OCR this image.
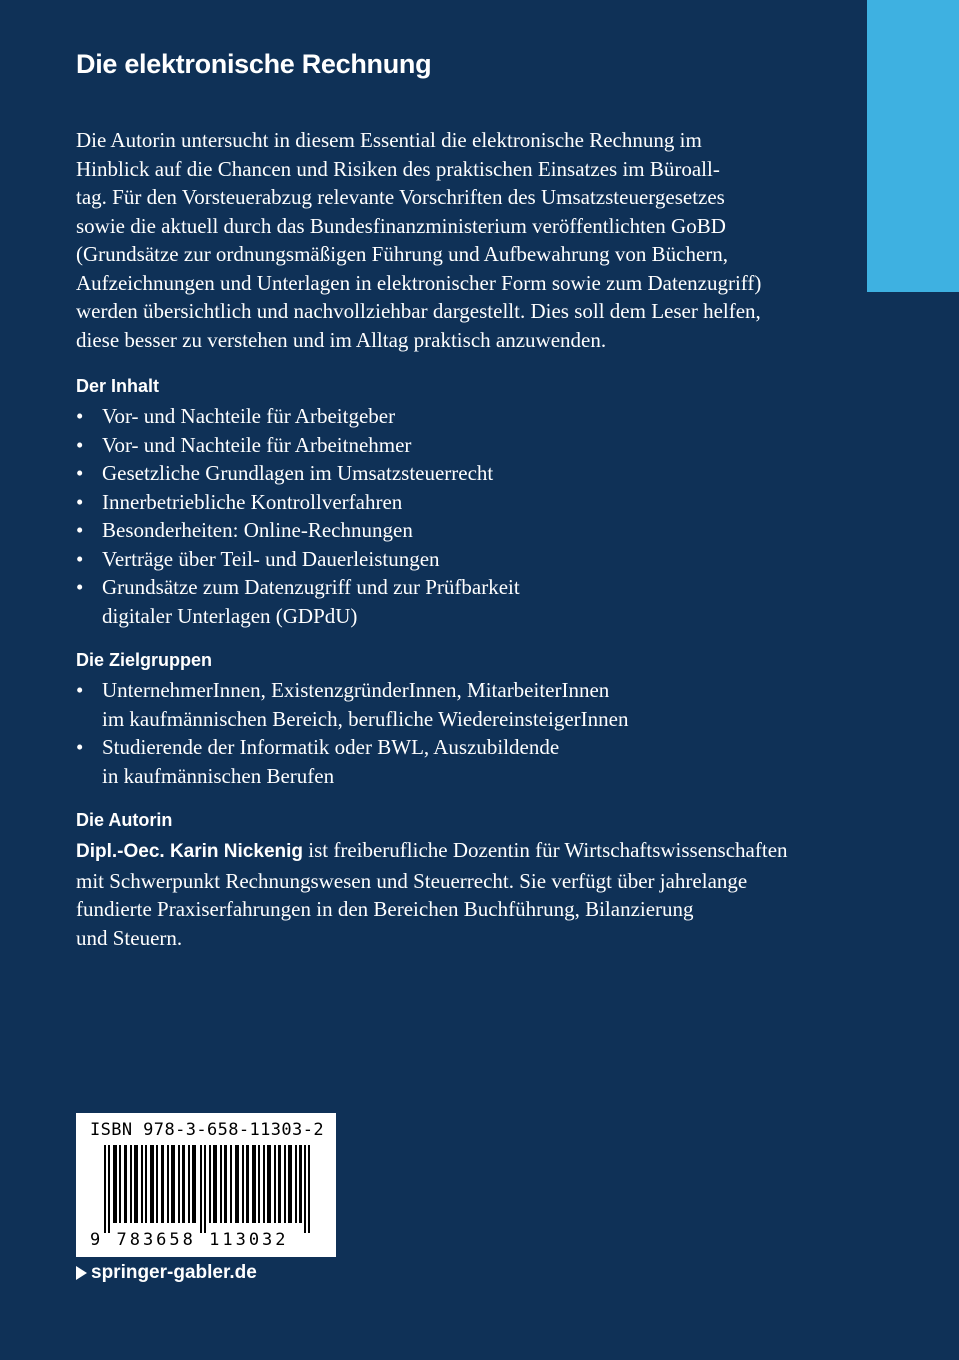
Die elektronische Rechnung
Die Autorin untersucht in diesem Essential die elektronische Rechnung im
Hinblick auf die Chancen und Risiken des praktischen Einsatzes im Büroall-
tag. Für den Vorsteuerabzug relevante Vorschriften des Umsatzsteuergesetzes
sowie die aktuell durch das Bundesfinanzministerium veröffentlichten GoBD
(Grundsätze zur ordnungsmäßigen Führung und Aufbewahrung von Büchern,
Aufzeichnungen und Unterlagen in elektronischer Form sowie zum Datenzugriff)
werden übersichtlich und nachvollziehbar dargestellt. Dies soll dem Leser helfen,
diese besser zu verstehen und im Alltag praktisch anzuwenden.
Der Inhalt
• Vor- und Nachteile für Arbeitgeber
• Vor- und Nachteile für Arbeitnehmer
• Gesetzliche Grundlagen im Umsatzsteuerrecht
• Innerbetriebliche Kontrollverfahren
• Besonderheiten: Online-Rechnungen
• Verträge über Teil- und Dauerleistungen
• Grundsätze zum Datenzugriff und zur Prüfbarkeit
digitaler Unterlagen (GDPdU)
Die Zielgruppen
• UnternehmerInnen, ExistenzgründerInnen, MitarbeiterInnen
im kaufmännischen Bereich, berufliche WiedereinsteigerInnen
• Studierende der Informatik oder BWL, Auszubildende
in kaufmännischen Berufen
Die Autorin
Dipl.-Oec. Karin Nickenig ist freiberufliche Dozentin für Wirtschaftswissenschaften
mit Schwerpunkt Rechnungswesen und Steuerrecht. Sie verfügt über jahrelange
fundierte Praxiserfahrungen in den Bereichen Buchführung, Bilanzierung
und Steuern.
ISBN 978-3-658-11303-2
9 783658 113032
springer-gabler.de
